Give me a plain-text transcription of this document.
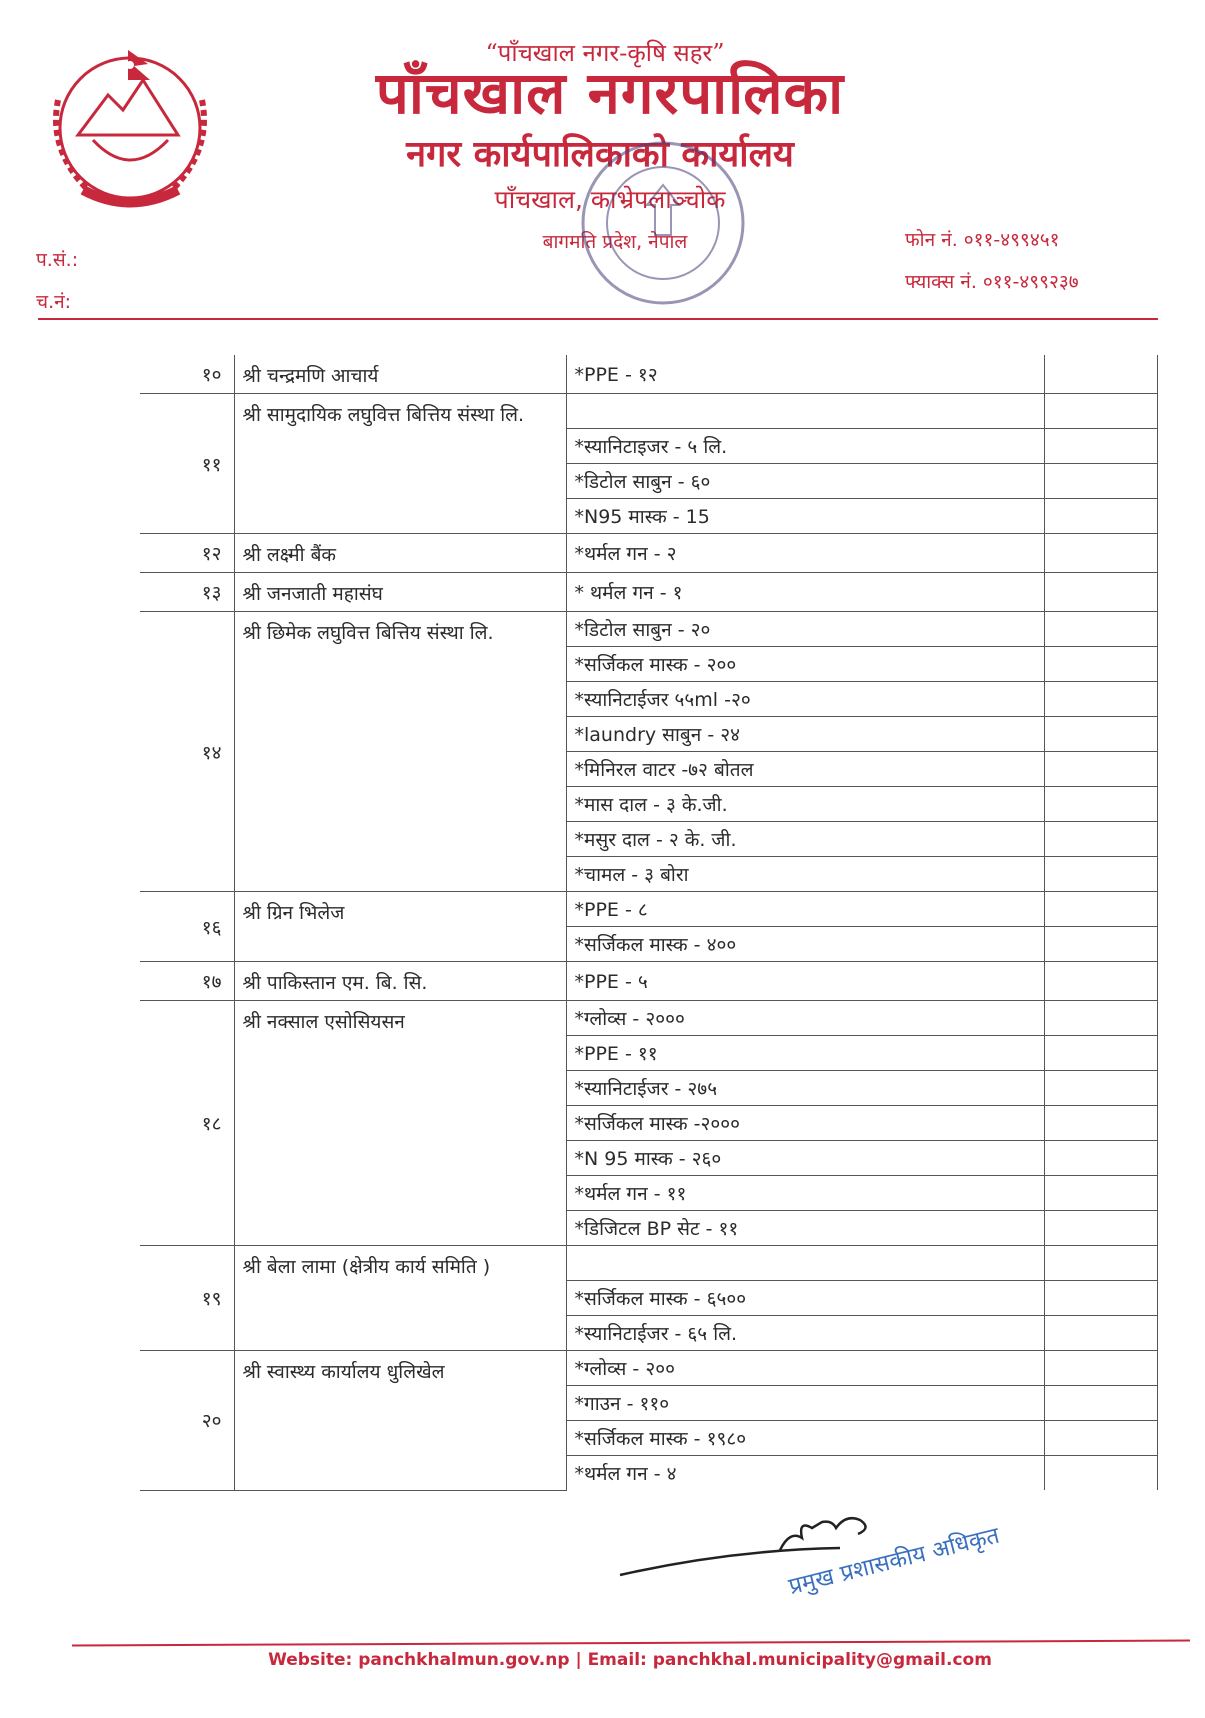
“पाँचखाल नगर-कृषि सहर”
पाँचखाल नगरपालिका
नगर कार्यपालिकाको कार्यालय
पाँचखाल, काभ्रेपलाञ्चोक
बागमति प्रदेश, नेपाल
प.सं.:
च.नं:
फोन नं. ०११-४९९४५१
फ्याक्स नं. ०११-४९९२३७
१०	श्री चन्द्रमणि आचार्य	*PPE - १२	
११	श्री सामुदायिक लघुवित्त बित्तिय संस्था लि.		
		*स्यानिटाइजर - ५ लि.	
		*डिटोल साबुन - ६०	
		*N95 मास्क - 15	
१२	श्री लक्ष्मी बैंक	*थर्मल गन - २	
१३	श्री जनजाती महासंघ	* थर्मल गन - १	
१४	श्री छिमेक लघुवित्त बित्तिय संस्था लि.	*डिटोल साबुन - २०	
		*सर्जिकल मास्क - २००	
		*स्यानिटाईजर ५५ml -२०	
		*laundry साबुन - २४	
		*मिनिरल वाटर -७२ बोतल	
		*मास दाल - ३ के.जी.	
		*मसुर दाल - २ के. जी.	
		*चामल - ३ बोरा	
१६	श्री ग्रिन भिलेज	*PPE - ८	
		*सर्जिकल मास्क - ४००	
१७	श्री पाकिस्तान एम. बि. सि.	*PPE - ५	
१८	श्री नक्साल एसोसियसन	*ग्लोव्स - २०००	
		*PPE - ११	
		*स्यानिटाईजर - २७५	
		*सर्जिकल मास्क -२०००	
		*N 95 मास्क - २६०	
		*थर्मल गन - ११	
		*डिजिटल BP सेट - ११	
१९	श्री बेला लामा (क्षेत्रीय कार्य समिति )		
		*सर्जिकल मास्क - ६५००	
		*स्यानिटाईजर - ६५ लि.	
२०	श्री स्वास्थ्य कार्यालय धुलिखेल	*ग्लोव्स - २००	
		*गाउन - ११०	
		*सर्जिकल मास्क - १९८०	
		*थर्मल गन - ४	
प्रमुख प्रशासकीय अधिकृत
Website: panchkhalmun.gov.np | Email: panchkhal.municipality@gmail.com
